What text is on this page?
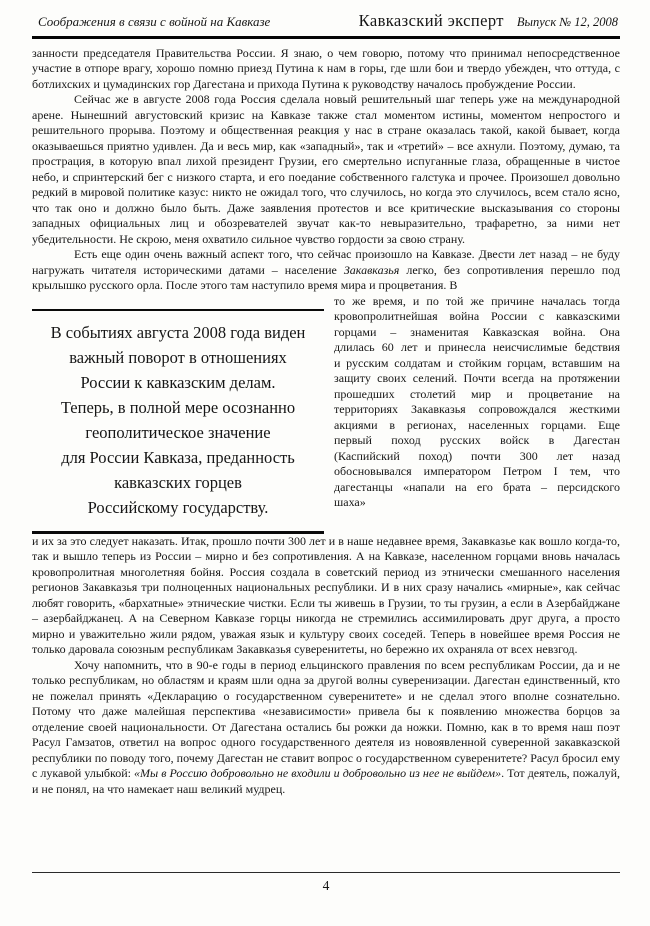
Соображения в связи с войной на Кавказе	Кавказский эксперт Выпуск № 12, 2008

занности председателя Правительства России. Я знаю, о чем говорю, потому что принимал непосредственное участие в отпоре врагу, хорошо помню приезд Путина к нам в горы, где шли бои и твердо убежден, что оттуда, с ботлихских и цумадинских гор Дагестана и прихода Путина к руководству началось пробуждение России.

Сейчас же в августе 2008 года Россия сделала новый решительный шаг теперь уже на международной арене. Нынешний августовский кризис на Кавказе также стал моментом истины, моментом непростого и решительного прорыва. Поэтому и общественная реакция у нас в стране оказалась такой, какой бывает, когда оказываешься приятно удивлен. Да и весь мир, как «западный», так и «третий» – все ахнули. Поэтому, думаю, та прострация, в которую впал лихой президент Грузии, его смертельно испуганные глаза, обращенные в чистое небо, и спринтерский бег с низкого старта, и его поедание собственного галстука и прочее. Произошел довольно редкий в мировой политике казус: никто не ожидал того, что случилось, но когда это случилось, всем стало ясно, что так оно и должно было быть. Даже заявления протестов и все критические высказывания со стороны западных официальных лиц и обозревателей звучат как-то невыразительно, трафаретно, за ними нет убедительности. Не скрою, меня охватило сильное чувство гордости за свою страну.

Есть еще один очень важный аспект того, что сейчас произошло на Кавказе. Двести лет назад – не буду нагружать читателя историческими датами – население Закавказья легко, без сопротивления перешло под крылышко русского орла. После этого там наступило время мира и процветания. В

В событиях августа 2008 года виден
важный поворот в отношениях
России к кавказским делам.
Теперь, в полной мере осознанно
геополитическое значение
для России Кавказа, преданность
кавказских горцев
Российскому государству.
то же время, и по той же причине началась тогда кровопролитнейшая война России с кавказскими горцами – знаменитая Кавказская война. Она длилась 60 лет и принесла неисчислимые бедствия и русским солдатам и стойким горцам, вставшим на защиту своих селений. Почти всегда на протяжении прошедших столетий мир и процветание на территориях Закавказья сопровождался жесткими акциями в регионах, населенных горцами. Еще первый поход русских войск в Дагестан (Каспийский поход) почти 300 лет назад обосновывался императором Петром I тем, что дагестанцы «напали на его брата – персидского шаха»

и их за это следует наказать. Итак, прошло почти 300 лет и в наше недавнее время, Закавказье как вошло когда-то, так и вышло теперь из России – мирно и без сопротивления. А на Кавказе, населенном горцами вновь началась кровопролитная многолетняя бойня. Россия создала в советский период из этнически смешанного населения регионов Закавказья три полноценных национальных республики. И в них сразу начались «мирные», как сейчас любят говорить, «бархатные» этнические чистки. Если ты живешь в Грузии, то ты грузин, а если в Азербайджане – азербайджанец. А на Северном Кавказе горцы никогда не стремились ассимилировать друг друга, а просто мирно и уважительно жили рядом, уважая язык и культуру своих соседей. Теперь в новейшее время Россия не только даровала союзным республикам Закавказья суверенитеты, но бережно их охраняла от всех невзгод.

Хочу напомнить, что в 90-е годы в период ельцинского правления по всем республикам России, да и не только республикам, но областям и краям шли одна за другой волны суверенизации. Дагестан единственный, кто не пожелал принять «Декларацию о государственном суверенитете» и не сделал этого вполне сознательно. Потому что даже малейшая перспектива «независимости» привела бы к появлению множества борцов за отделение своей национальности. От Дагестана остались бы рожки да ножки. Помню, как в то время наш поэт Расул Гамзатов, ответил на вопрос одного государственного деятеля из новоявленной суверенной закавказской республики по поводу того, почему Дагестан не ставит вопрос о государственном суверенитете? Расул бросил ему с лукавой улыбкой: «Мы в Россию добровольно не входили и добровольно из нее не выйдем». Тот деятель, пожалуй, и не понял, на что намекает наш великий мудрец.

4
